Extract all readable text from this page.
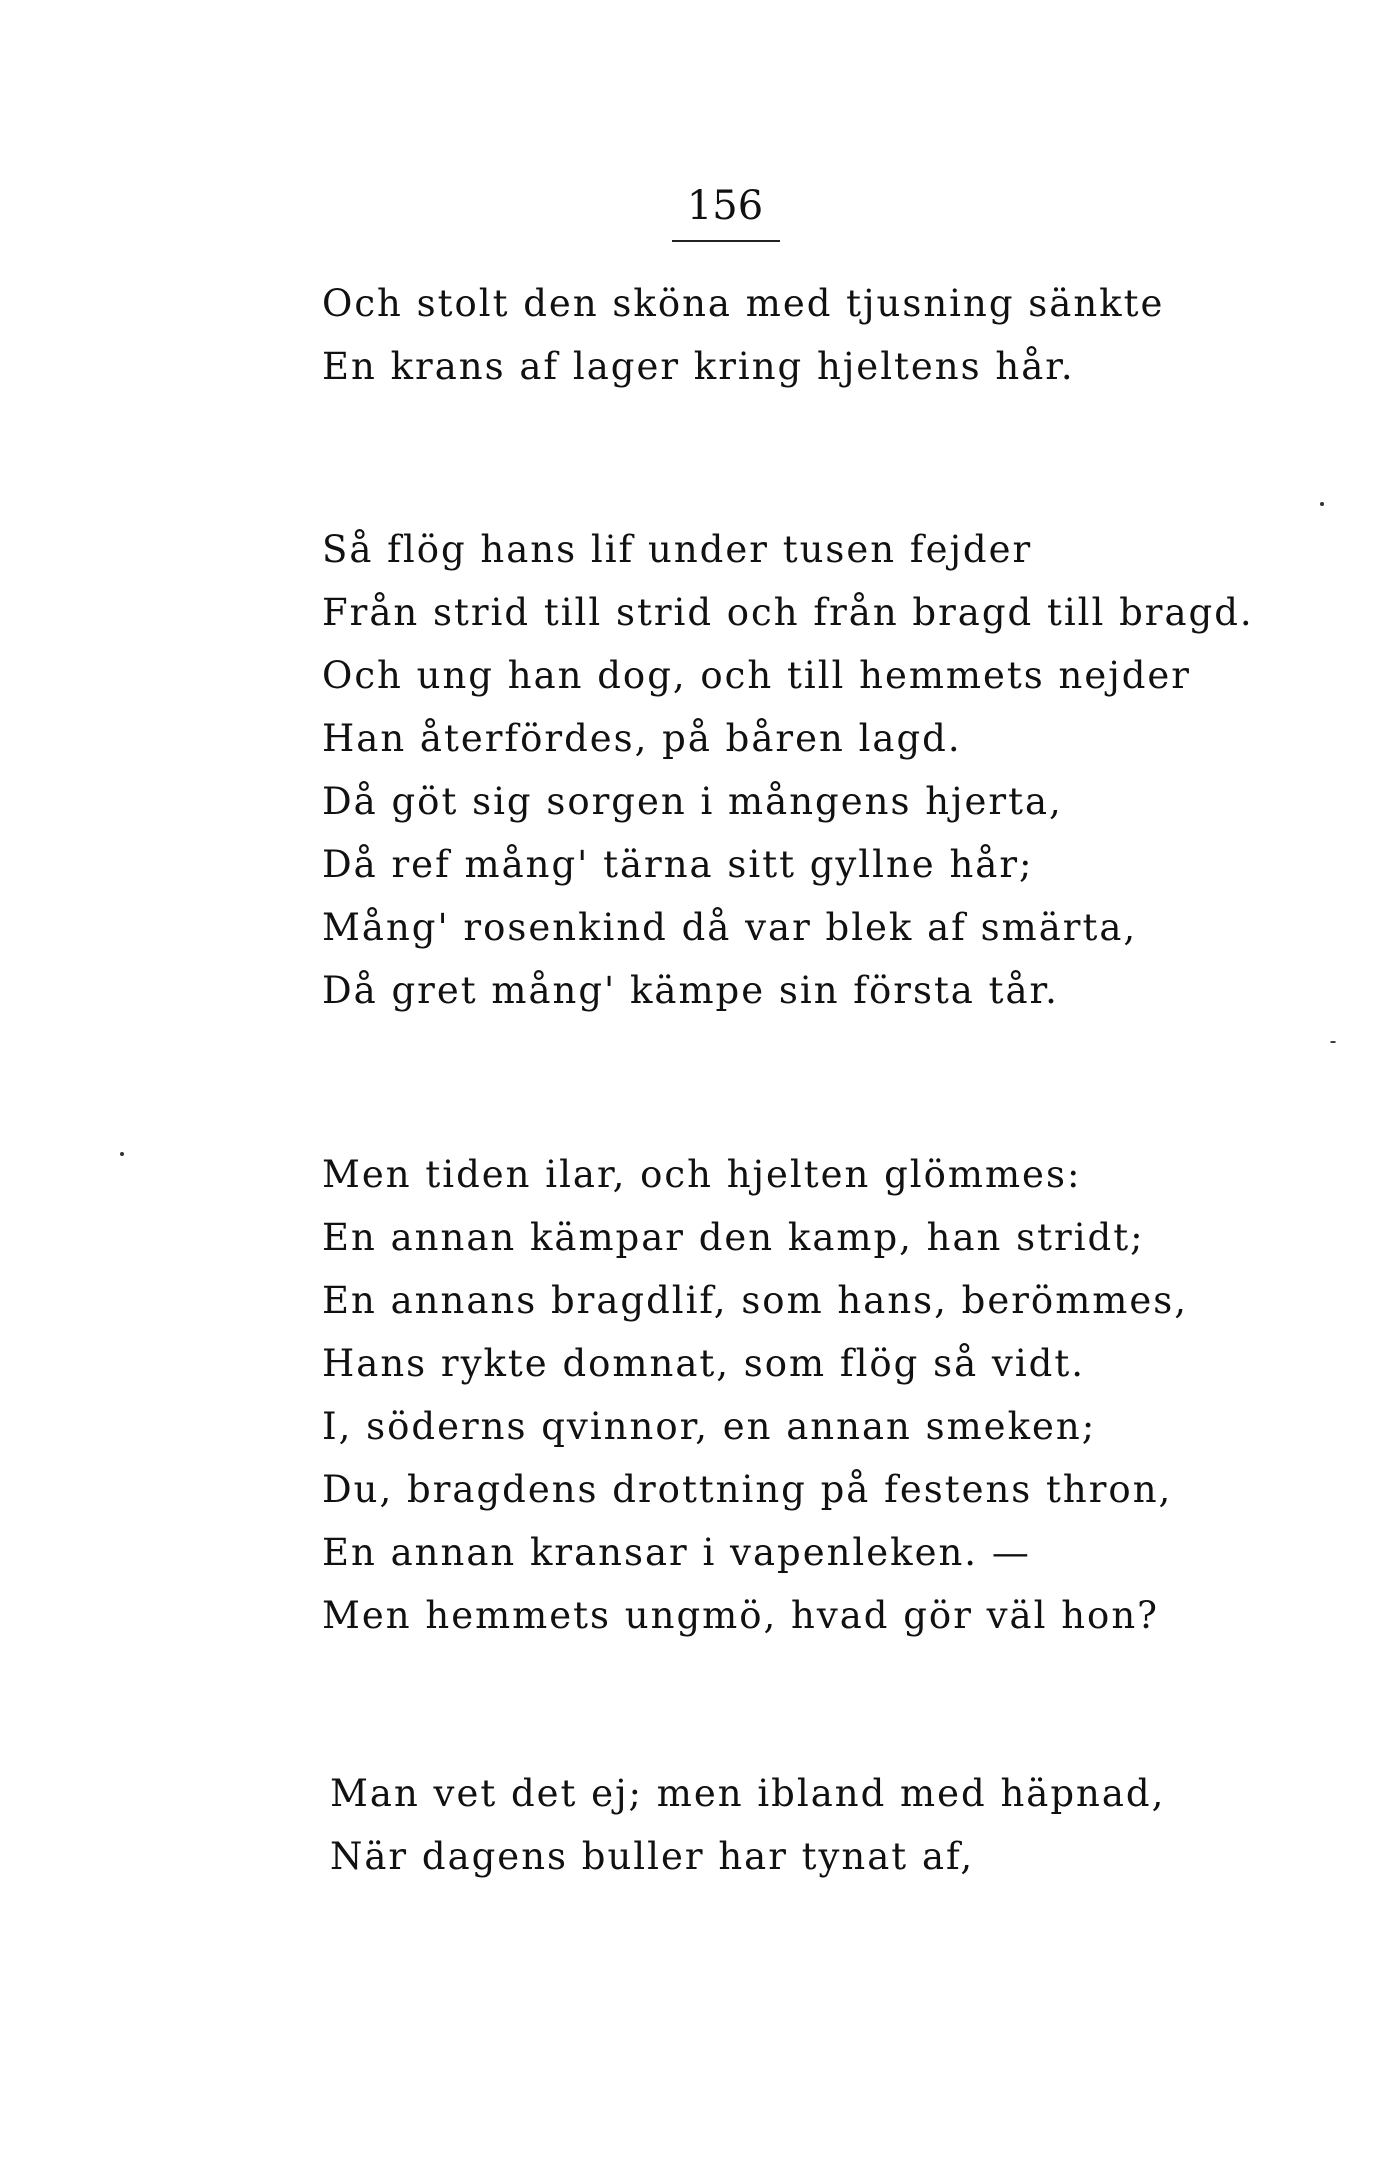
156
Och stolt den sköna med tjusning sänkte
En krans af lager kring hjeltens hår.
Så flög hans lif under tusen fejder
Från strid till strid och från bragd till bragd.
Och ung han dog, och till hemmets nejder
Han återfördes, på båren lagd.
Då göt sig sorgen i mångens hjerta,
Då ref mång' tärna sitt gyllne hår;
Mång' rosenkind då var blek af smärta,
Då gret mång' kämpe sin första tår.
Men tiden ilar, och hjelten glömmes:
En annan kämpar den kamp, han stridt;
En annans bragdlif, som hans, berömmes,
Hans rykte domnat, som flög så vidt.
I, söderns qvinnor, en annan smeken;
Du, bragdens drottning på festens thron,
En annan kransar i vapenleken. —
Men hemmets ungmö, hvad gör väl hon?
Man vet det ej; men ibland med häpnad,
När dagens buller har tynat af,
